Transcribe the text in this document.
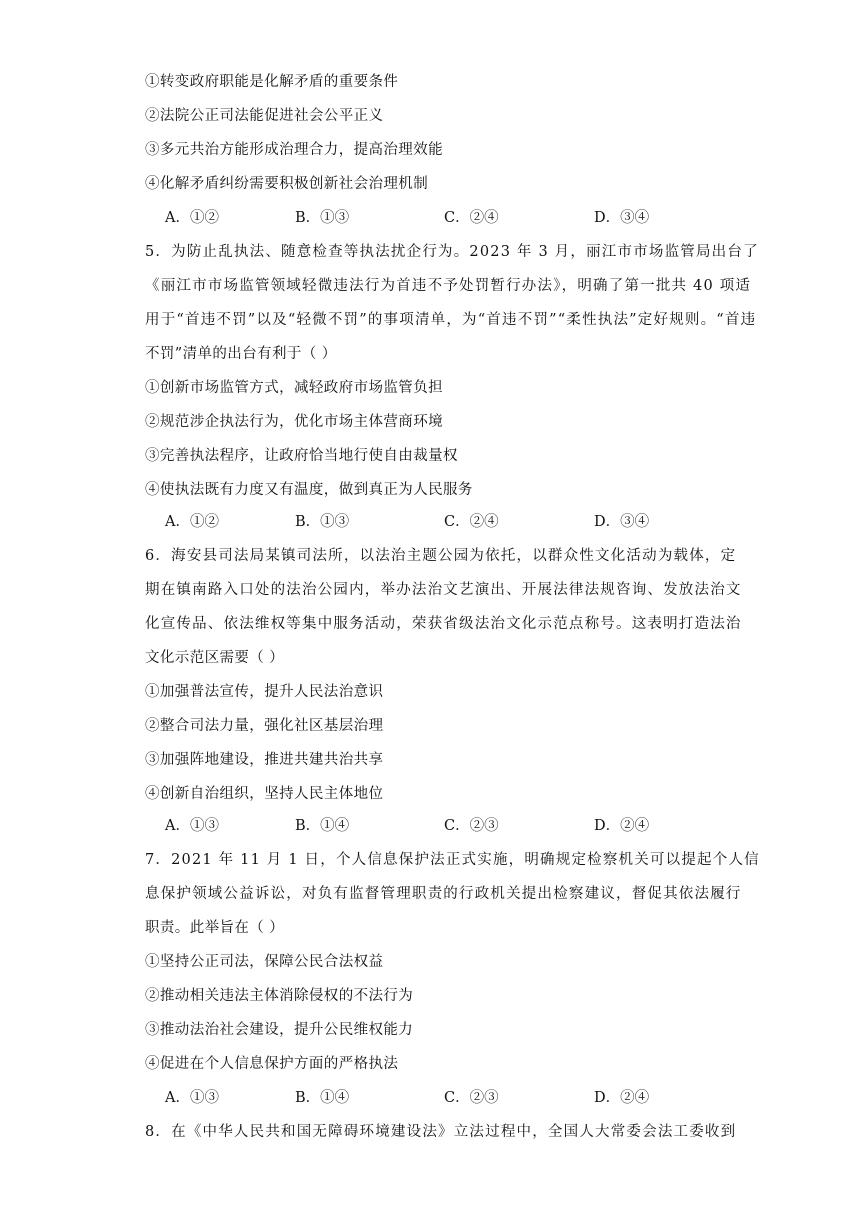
①转变政府职能是化解矛盾的重要条件
②法院公正司法能促进社会公平正义
③多元共治方能形成治理合力，提高治理效能
④化解矛盾纠纷需要积极创新社会治理机制
A．①②	B．①③	C．②④	D．③④
5．为防止乱执法、随意检查等执法扰企行为。2023 年 3 月，丽江市市场监管局出台了
《丽江市市场监管领域轻微违法行为首违不予处罚暂行办法》，明确了第一批共 40 项适
用于“首违不罚”以及“轻微不罚”的事项清单，为“首违不罚”“柔性执法”定好规则。“首违
不罚”清单的出台有利于（ ）
①创新市场监管方式，减轻政府市场监管负担
②规范涉企执法行为，优化市场主体营商环境
③完善执法程序，让政府恰当地行使自由裁量权
④使执法既有力度又有温度，做到真正为人民服务
A．①②	B．①③	C．②④	D．③④
6．海安县司法局某镇司法所，以法治主题公园为依托，以群众性文化活动为载体，定
期在镇南路入口处的法治公园内，举办法治文艺演出、开展法律法规咨询、发放法治文
化宣传品、依法维权等集中服务活动，荣获省级法治文化示范点称号。这表明打造法治
文化示范区需要（ ）
①加强普法宣传，提升人民法治意识
②整合司法力量，强化社区基层治理
③加强阵地建设，推进共建共治共享
④创新自治组织，坚持人民主体地位
A．①③	B．①④	C．②③	D．②④
7．2021 年 11 月 1 日，个人信息保护法正式实施，明确规定检察机关可以提起个人信
息保护领域公益诉讼，对负有监督管理职责的行政机关提出检察建议，督促其依法履行
职责。此举旨在（ ）
①坚持公正司法，保障公民合法权益
②推动相关违法主体消除侵权的不法行为
③推动法治社会建设，提升公民维权能力
④促进在个人信息保护方面的严格执法
A．①③	B．①④	C．②③	D．②④
8．在《中华人民共和国无障碍环境建设法》立法过程中，全国人大常委会法工委收到
